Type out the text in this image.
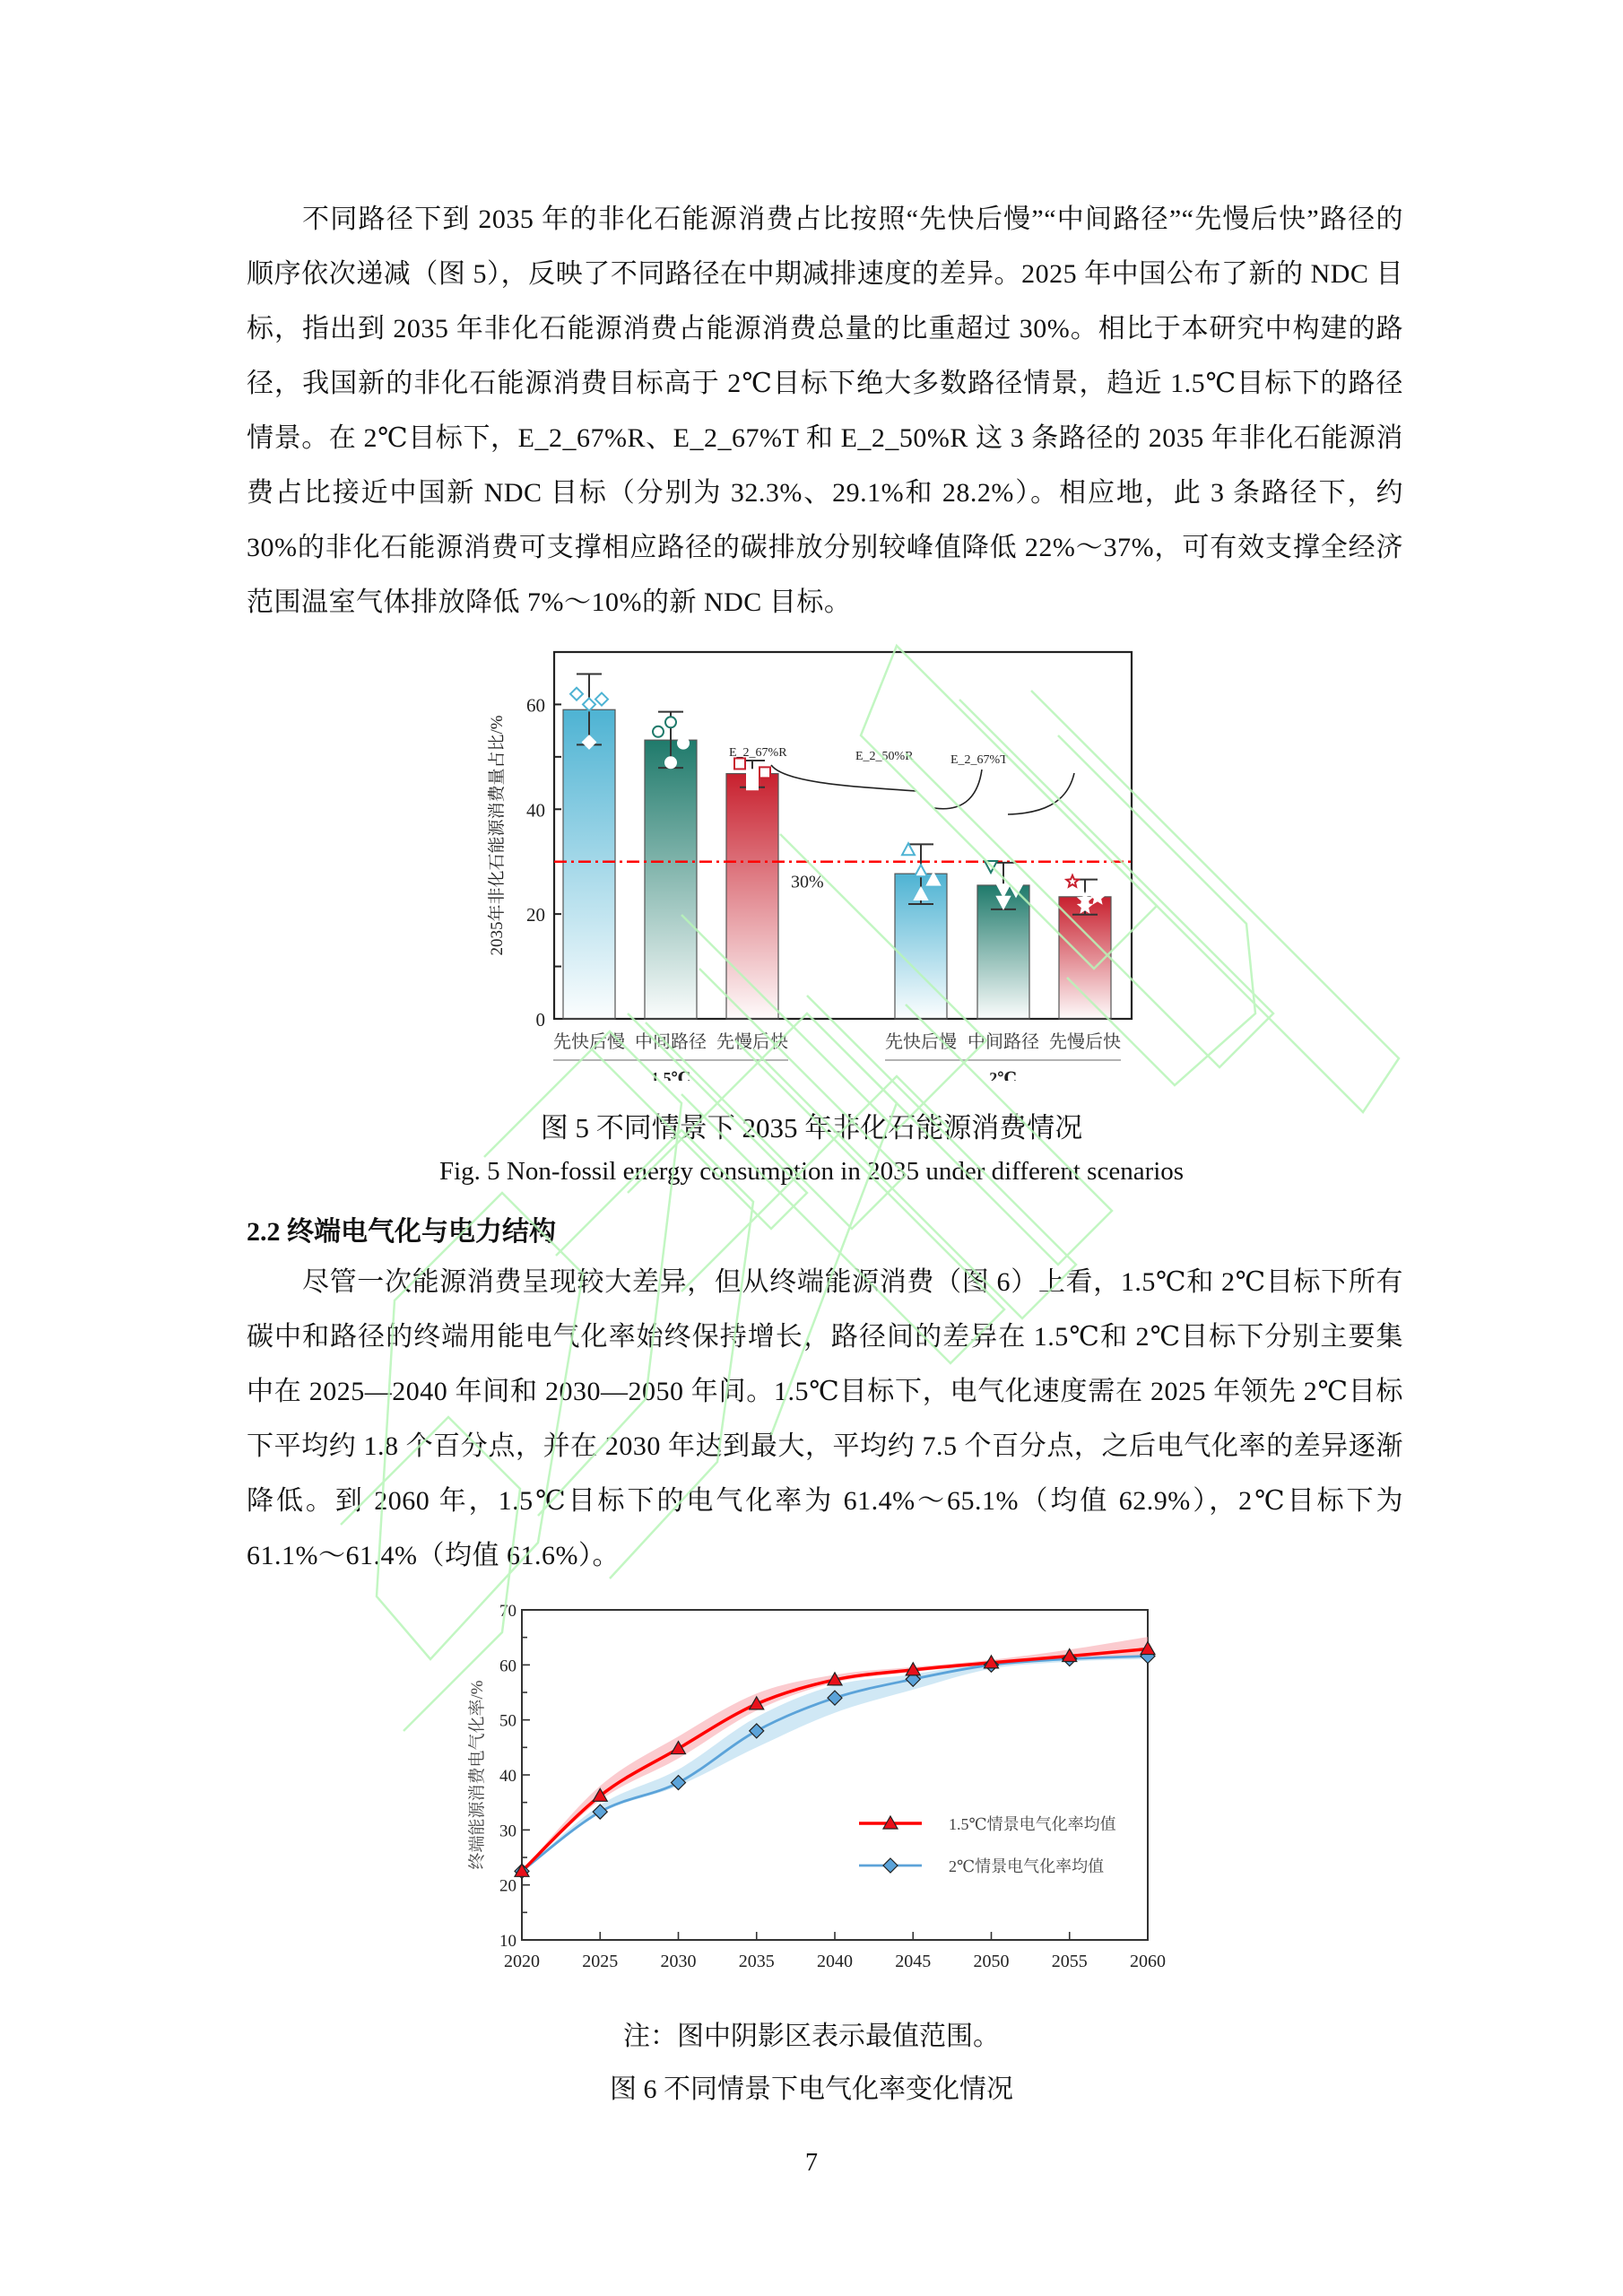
不同路径下到 2035 年的非化石能源消费占比按照“先快后慢”“中间路径”“先慢后快”路径的顺序依次递减（图 5），反映了不同路径在中期减排速度的差异。2025 年中国公布了新的 NDC 目标，指出到 2035 年非化石能源消费占能源消费总量的比重超过 30%。相比于本研究中构建的路径，我国新的非化石能源消费目标高于 2℃目标下绝大多数路径情景，趋近 1.5℃目标下的路径情景。在 2℃目标下，E_2_67%R、E_2_67%T 和 E_2_50%R 这 3 条路径的 2035 年非化石能源消费占比接近中国新 NDC 目标（分别为 32.3%、29.1%和 28.2%）。相应地，此 3 条路径下，约 30%的非化石能源消费可支撑相应路径的碳排放分别较峰值降低 22%～37%，可有效支撑全经济范围温室气体排放降低 7%～10%的新 NDC 目标。

0
20
40
60
2035年非化石能源消费量占比/%	30%
E_2_67%R	E_2_50%R	E_2_67%T
先快后慢 中间路径 先慢后快	先快后慢 中间路径 先慢后快
1.5℃	2℃
图 5 不同情景下 2035 年非化石能源消费情况
Fig. 5 Non-fossil energy consumption in 2035 under different scenarios
2.2 终端电气化与电力结构

尽管一次能源消费呈现较大差异，但从终端能源消费（图 6）上看，1.5℃和 2℃目标下所有碳中和路径的终端用能电气化率始终保持增长，路径间的差异在 1.5℃和 2℃目标下分别主要集中在 2025—2040 年间和 2030—2050 年间。1.5℃目标下，电气化速度需在 2025 年领先 2℃目标下平均约 1.8 个百分点，并在 2030 年达到最大，平均约 7.5 个百分点，之后电气化率的差异逐渐降低。到 2060 年，1.5℃目标下的电气化率为 61.4%～65.1%（均值 62.9%），2℃目标下为 61.1%～61.4%（均值 61.6%）。

10
20
30
40
50
60
70
2020 2025 2030 2035 2040 2045 2050 2055 2060
终端能源消费电气化率/%	1.5℃情景电气化率均值
2℃情景电气化率均值
注：图中阴影区表示最值范围。
图 6 不同情景下电气化率变化情况
7
